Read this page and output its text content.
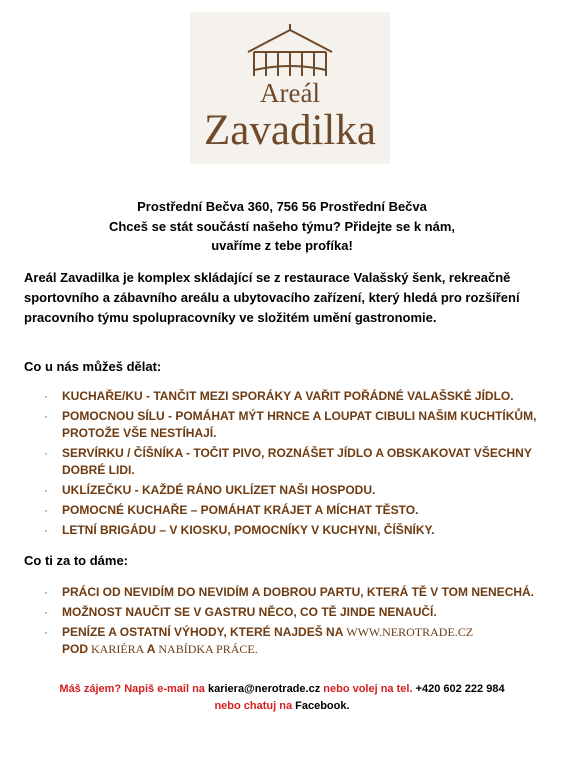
Areál
Zavadilka
Prostřední Bečva 360, 756 56 Prostřední Bečva
Chceš se stát součástí našeho týmu? Přidejte se k nám,
uvaříme z tebe profíka!
Areál Zavadilka je komplex skládající se z restaurace Valašský šenk, rekreačně sportovního a zábavního areálu a ubytovacího zařízení, který hledá pro rozšíření pracovního týmu spolupracovníky ve složitém umění gastronomie.
Co u nás můžeš dělat:
· KUCHAŘE/KU - TANČIT MEZI SPORÁKY A VAŘIT POŘÁDNÉ VALAŠSKÉ JÍDLO.
· POMOCNOU SÍLU - POMÁHAT MÝT HRNCE A LOUPAT CIBULI NAŠIM KUCHTÍKŮM, PROTOŽE VŠE NESTÍHAJÍ.
· SERVÍRKU / ČÍŠNÍKA - TOČIT PIVO, ROZNÁŠET JÍDLO A OBSKAKOVAT VŠECHNY DOBRÉ LIDI.
· UKLÍZEČKU - KAŽDÉ RÁNO UKLÍZET NAŠI HOSPODU.
· POMOCNÉ KUCHAŘE – POMÁHAT KRÁJET A MÍCHAT TĚSTO.
· LETNÍ BRIGÁDU – V KIOSKU, POMOCNÍKY V KUCHYNI, ČÍŠNÍKY.
Co ti za to dáme:
· PRÁCI OD NEVIDÍM DO NEVIDÍM A DOBROU PARTU, KTERÁ TĚ V TOM NENECHÁ.
· MOŽNOST NAUČIT SE V GASTRU NĚCO, CO TĚ JINDE NENAUČÍ.
· PENÍZE A OSTATNÍ VÝHODY, KTERÉ NAJDEŠ NA WWW.NEROTRADE.CZ
POD KARIÉRA A NABÍDKA PRÁCE.
Máš zájem? Napiš e-mail na kariera@nerotrade.cz nebo volej na tel. +420 602 222 984
nebo chatuj na Facebook.
